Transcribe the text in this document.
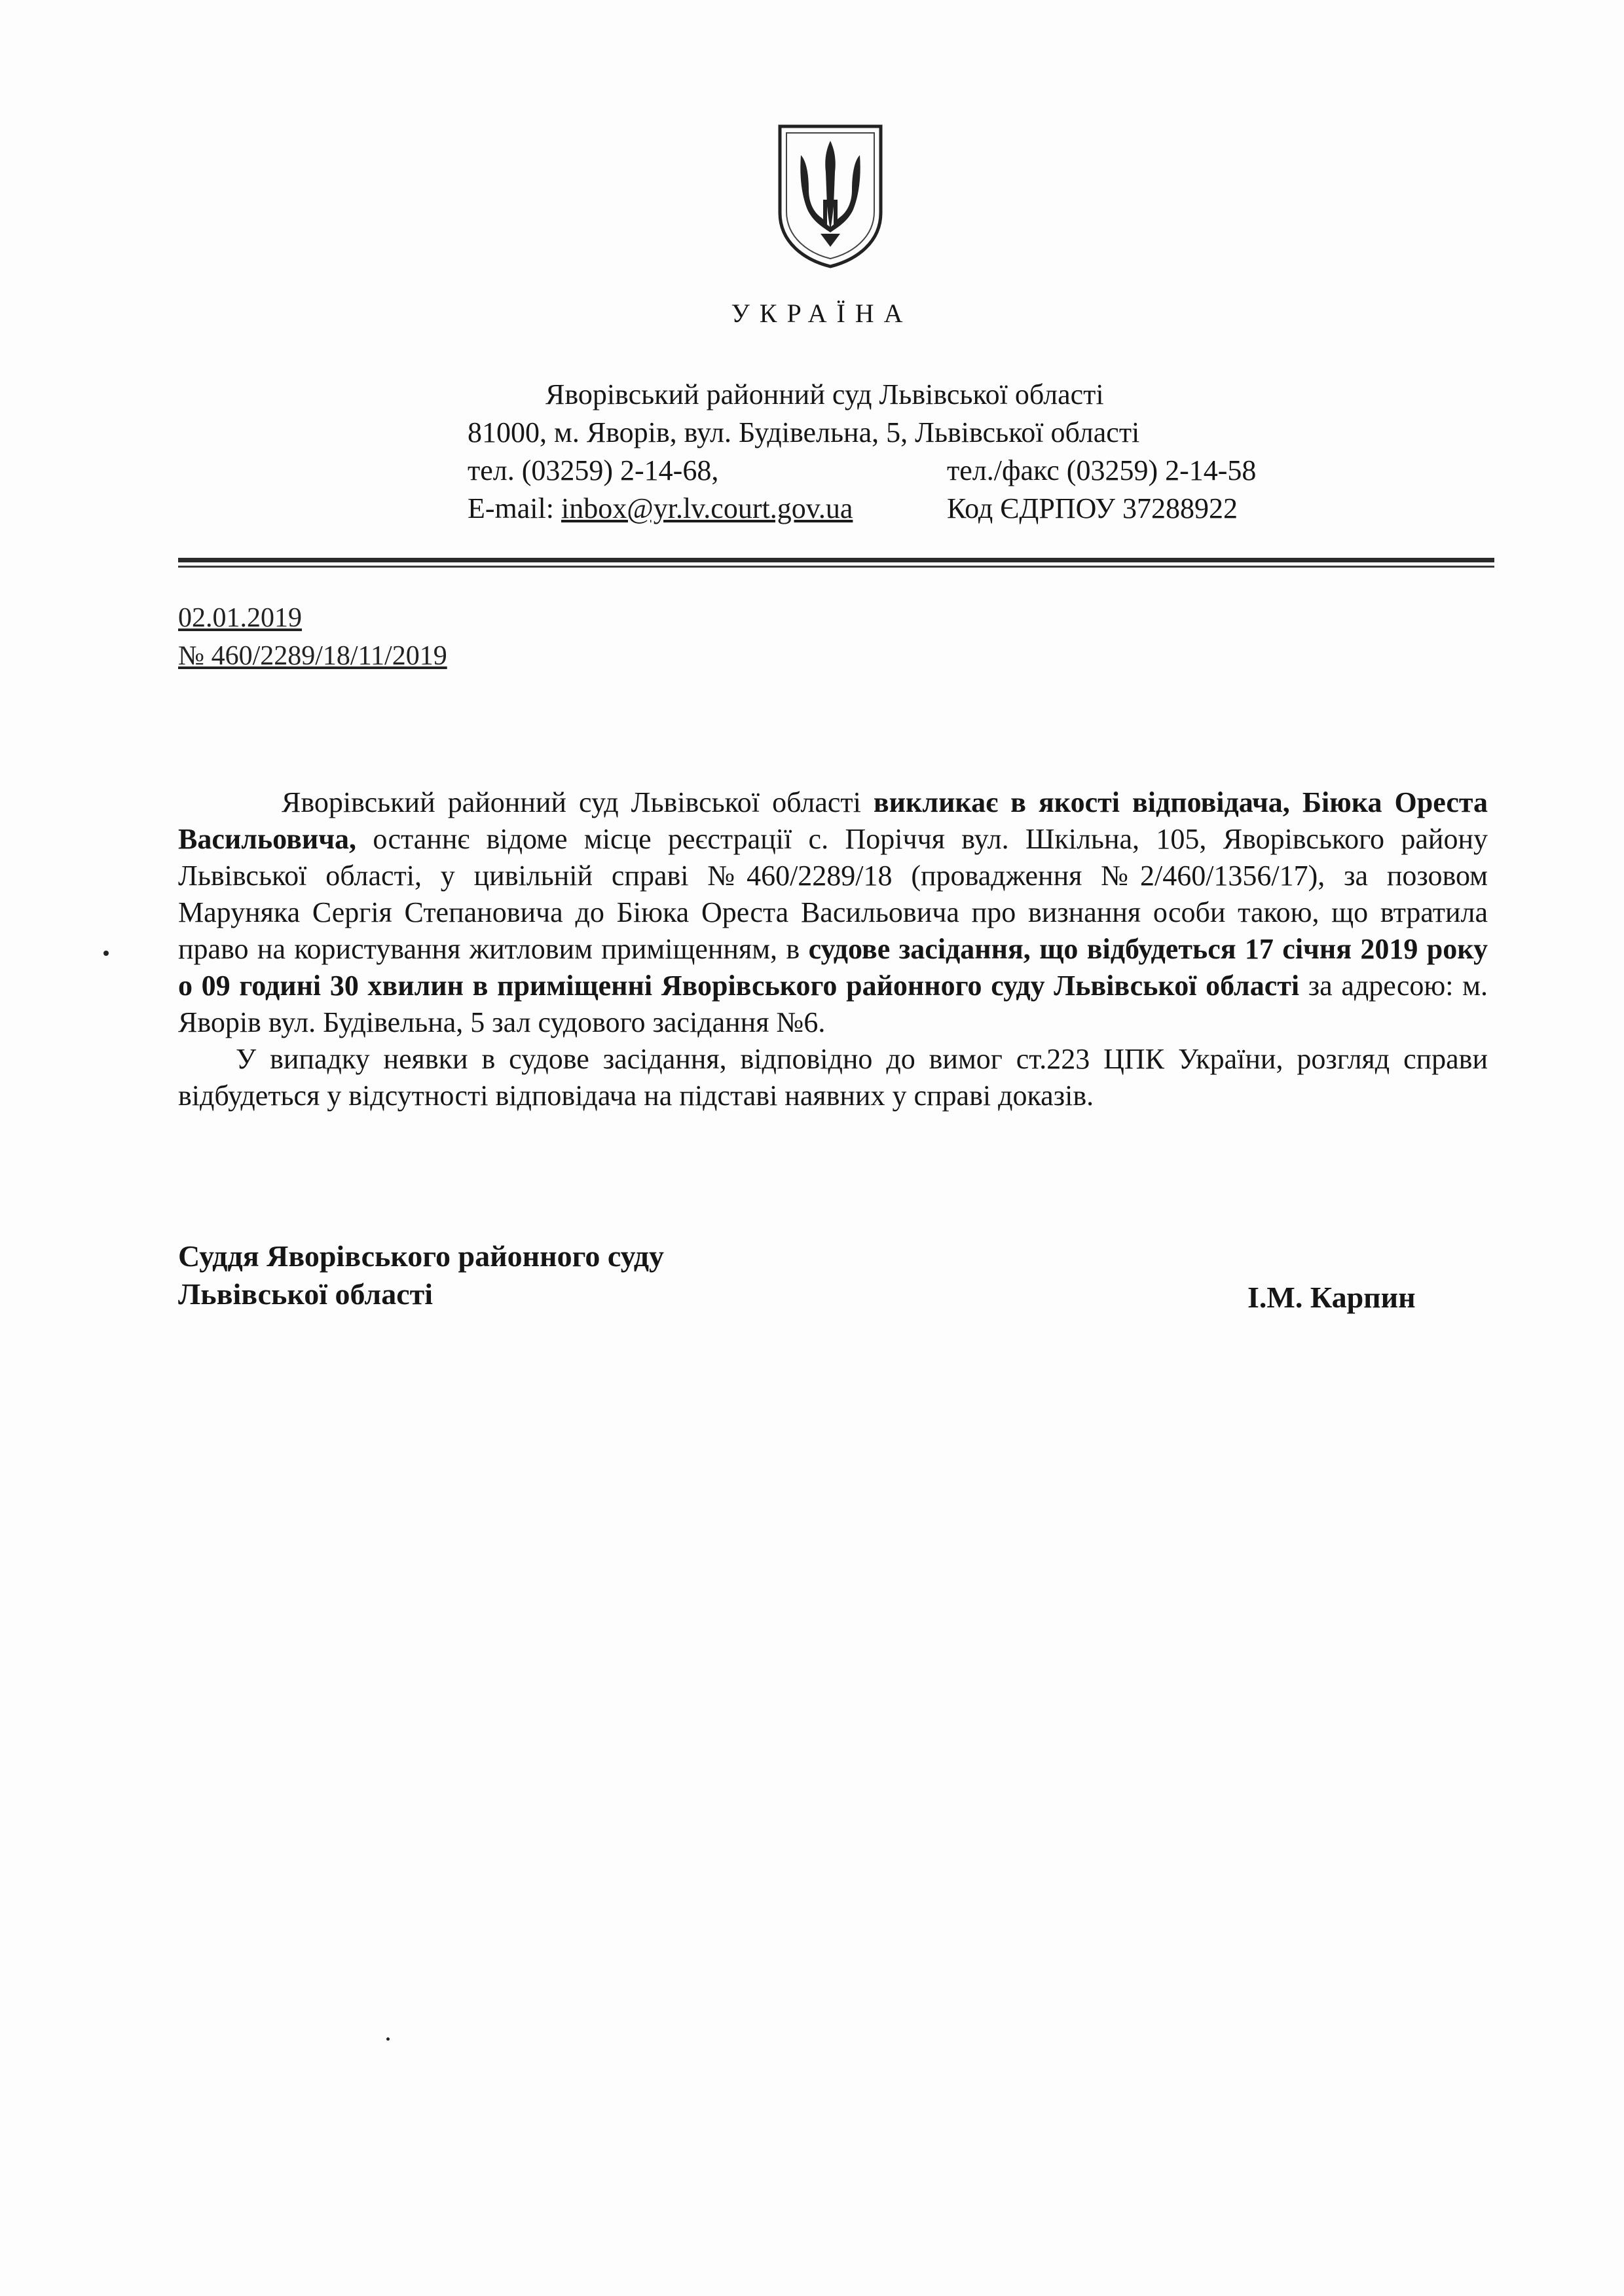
УКРАЇНА
Яворівський районний суд Львівської області
81000, м. Яворів, вул. Будівельна, 5, Львівської області
тел. (03259) 2-14-68,	тел./факс (03259) 2-14-58
E-mail: inbox@yr.lv.court.gov.ua	Код ЄДРПОУ 37288922
02.01.2019
№ 460/2289/18/11/2019

Яворівський районний суд Львівської області викликає в якості відповідача, Біюка Ореста Васильовича, останнє відоме місце реєстрації с. Поріччя вул. Шкільна, 105, Яворівського району Львівської області, у цивільній справі №460/2289/18 (провадження №2/460/1356/17), за позовом Маруняка Сергія Степановича до Біюка Ореста Васильовича про визнання особи такою, що втратила право на користування житловим приміщенням, в судове засідання, що відбудеться 17 січня 2019 року о 09 годині 30 хвилин в приміщенні Яворівського районного суду Львівської області за адресою: м. Яворів вул. Будівельна, 5 зал судового засідання №6.

У випадку неявки в судове засідання, відповідно до вимог ст.223 ЦПК України, розгляд справи відбудеться у відсутності відповідача на підставі наявних у справі доказів.

Суддя Яворівського районного суду
Львівської області	І.М. Карпин
